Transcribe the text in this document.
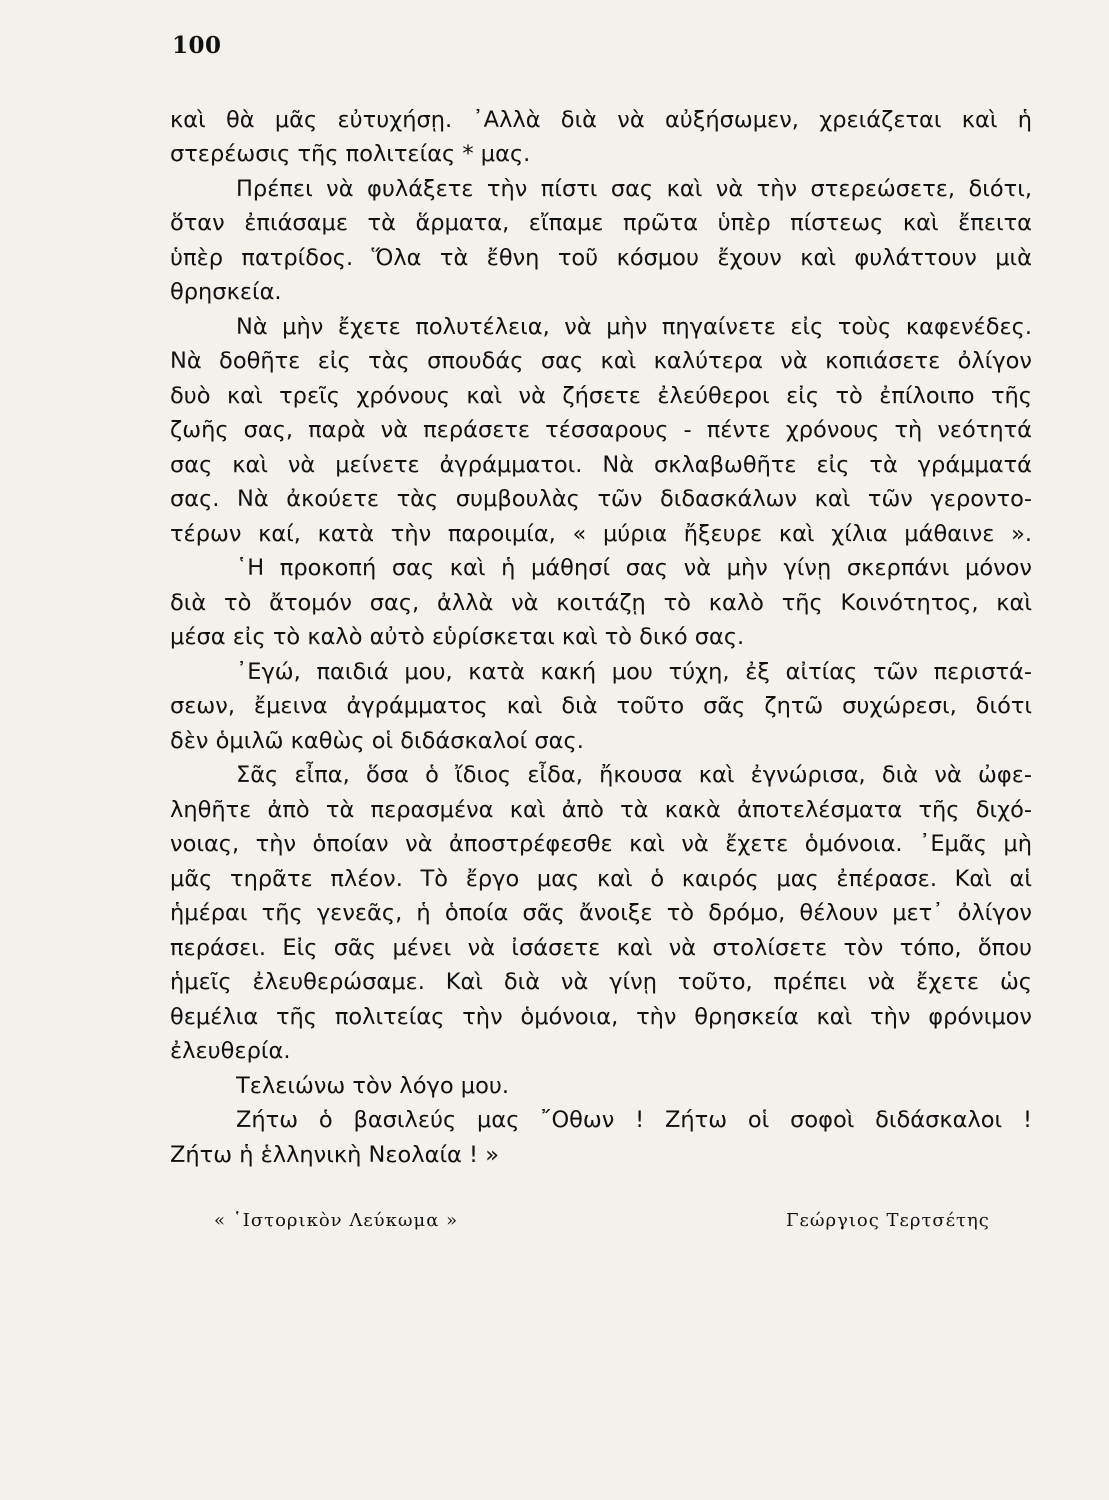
100
καὶ θὰ μᾶς εὐτυχήσῃ. ᾿Αλλὰ διὰ νὰ αὐξήσωμεν, χρειάζεται καὶ ἡ
στερέωσις τῆς πολιτείας * μας.
Πρέπει νὰ φυλάξετε τὴν πίστι σας καὶ νὰ τὴν στερεώσετε, διότι,
ὅταν ἐπιάσαμε τὰ ἅρματα, εἴπαμε πρῶτα ὑπὲρ πίστεως καὶ ἔπειτα
ὑπὲρ πατρίδος. Ὅλα τὰ ἔθνη τοῦ κόσμου ἔχουν καὶ φυλάττουν μιὰ
θρησκεία.
Νὰ μὴν ἔχετε πολυτέλεια, νὰ μὴν πηγαίνετε εἰς τοὺς καφενέδες.
Νὰ δοθῆτε εἰς τὰς σπουδάς σας καὶ καλύτερα νὰ κοπιάσετε ὀλίγον
δυὸ καὶ τρεῖς χρόνους καὶ νὰ ζήσετε ἐλεύθεροι εἰς τὸ ἐπίλοιπο τῆς
ζωῆς σας, παρὰ νὰ περάσετε τέσσαρους - πέντε χρόνους τὴ νεότητά
σας καὶ νὰ μείνετε ἀγράμματοι. Νὰ σκλαβωθῆτε εἰς τὰ γράμματά
σας. Νὰ ἀκούετε τὰς συμβουλὰς τῶν διδασκάλων καὶ τῶν γεροντο-
τέρων καί, κατὰ τὴν παροιμία, « μύρια ἤξευρε καὶ χίλια μάθαινε ».
῾Η προκοπή σας καὶ ἡ μάθησί σας νὰ μὴν γίνῃ σκερπάνι μόνον
διὰ τὸ ἄτομόν σας, ἀλλὰ νὰ κοιτάζῃ τὸ καλὸ τῆς Κοινότητος, καὶ
μέσα εἰς τὸ καλὸ αὐτὸ εὑρίσκεται καὶ τὸ δικό σας.
᾿Εγώ, παιδιά μου, κατὰ κακή μου τύχη, ἐξ αἰτίας τῶν περιστά-
σεων, ἔμεινα ἀγράμματος καὶ διὰ τοῦτο σᾶς ζητῶ συχώρεσι, διότι
δὲν ὁμιλῶ καθὼς οἱ διδάσκαλοί σας.
Σᾶς εἶπα, ὅσα ὁ ἴδιος εἶδα, ἤκουσα καὶ ἐγνώρισα, διὰ νὰ ὠφε-
ληθῆτε ἀπὸ τὰ περασμένα καὶ ἀπὸ τὰ κακὰ ἀποτελέσματα τῆς διχό-
νοιας, τὴν ὁποίαν νὰ ἀποστρέφεσθε καὶ νὰ ἔχετε ὁμόνοια. ᾿Εμᾶς μὴ
μᾶς τηρᾶτε πλέον. Τὸ ἔργο μας καὶ ὁ καιρός μας ἐπέρασε. Καὶ αἱ
ἡμέραι τῆς γενεᾶς, ἡ ὁποία σᾶς ἄνοιξε τὸ δρόμο, θέλουν μετ᾿ ὀλίγον
περάσει. Εἰς σᾶς μένει νὰ ἰσάσετε καὶ νὰ στολίσετε τὸν τόπο, ὅπου
ἡμεῖς ἐλευθερώσαμε. Καὶ διὰ νὰ γίνῃ τοῦτο, πρέπει νὰ ἔχετε ὡς
θεμέλια τῆς πολιτείας τὴν ὁμόνοια, τὴν θρησκεία καὶ τὴν φρόνιμον
ἐλευθερία.
Τελειώνω τὸν λόγο μου.
Ζήτω ὁ βασιλεύς μας ῎Οθων ! Ζήτω οἱ σοφοὶ διδάσκαλοι !
Ζήτω ἡ ἑλληνικὴ Νεολαία ! »
« ῾Ιστορικὸν Λεύκωμα »	Γεώργιος Τερτσέτης
